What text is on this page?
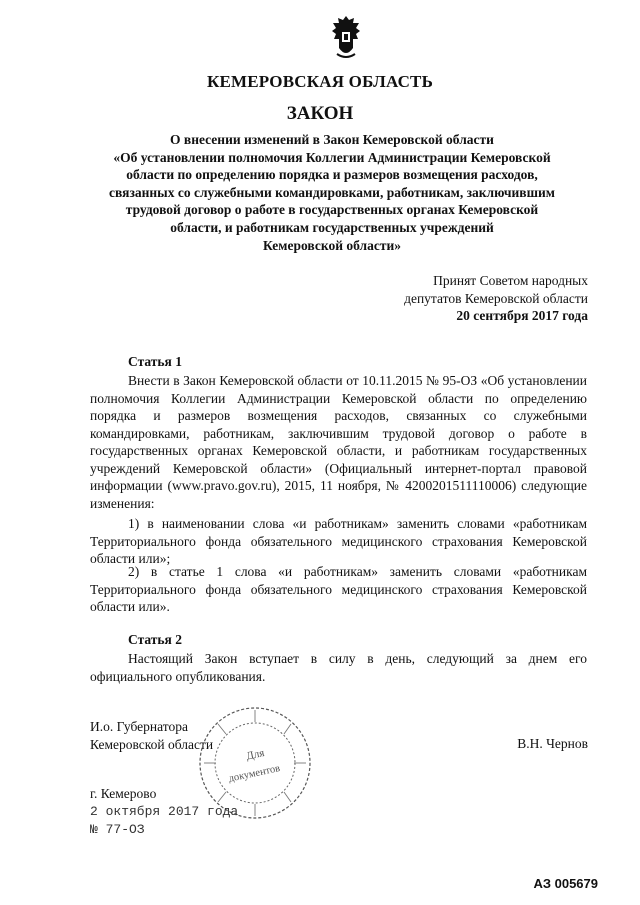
КЕМЕРОВСКАЯ ОБЛАСТЬ
ЗАКОН
О внесении изменений в Закон Кемеровской области
«Об установлении полномочия Коллегии Администрации Кемеровской
области по определению порядка и размеров возмещения расходов,
связанных со служебными командировками, работникам, заключившим
трудовой договор о работе в государственных органах Кемеровской
области, и работникам государственных учреждений
Кемеровской области»
Принят Советом народных
депутатов Кемеровской области
20 сентября 2017 года
Статья 1

Внести в Закон Кемеровской области от 10.11.2015 № 95-ОЗ «Об установлении полномочия Коллегии Администрации Кемеровской области по определению порядка и размеров возмещения расходов, связанных со служебными командировками, работникам, заключившим трудовой договор о работе в государственных органах Кемеровской области, и работникам государственных учреждений Кемеровской области» (Официальный интернет-портал правовой информации (www.pravo.gov.ru), 2015, 11 ноября, № 4200201511110006) следующие изменения:

1) в наименовании слова «и работникам» заменить словами «работникам Территориального фонда обязательного медицинского страхования Кемеровской области или»;

2) в статье 1 слова «и работникам» заменить словами «работникам Территориального фонда обязательного медицинского страхования Кемеровской области или».

Статья 2

Настоящий Закон вступает в силу в день, следующий за днем его официального опубликования.

И.о. Губернатора
Кемеровской области	В.Н. Чернов
Для
документов
г. Кемерово
2 октября 2017 года
№ 77-ОЗ
АЗ 005679
